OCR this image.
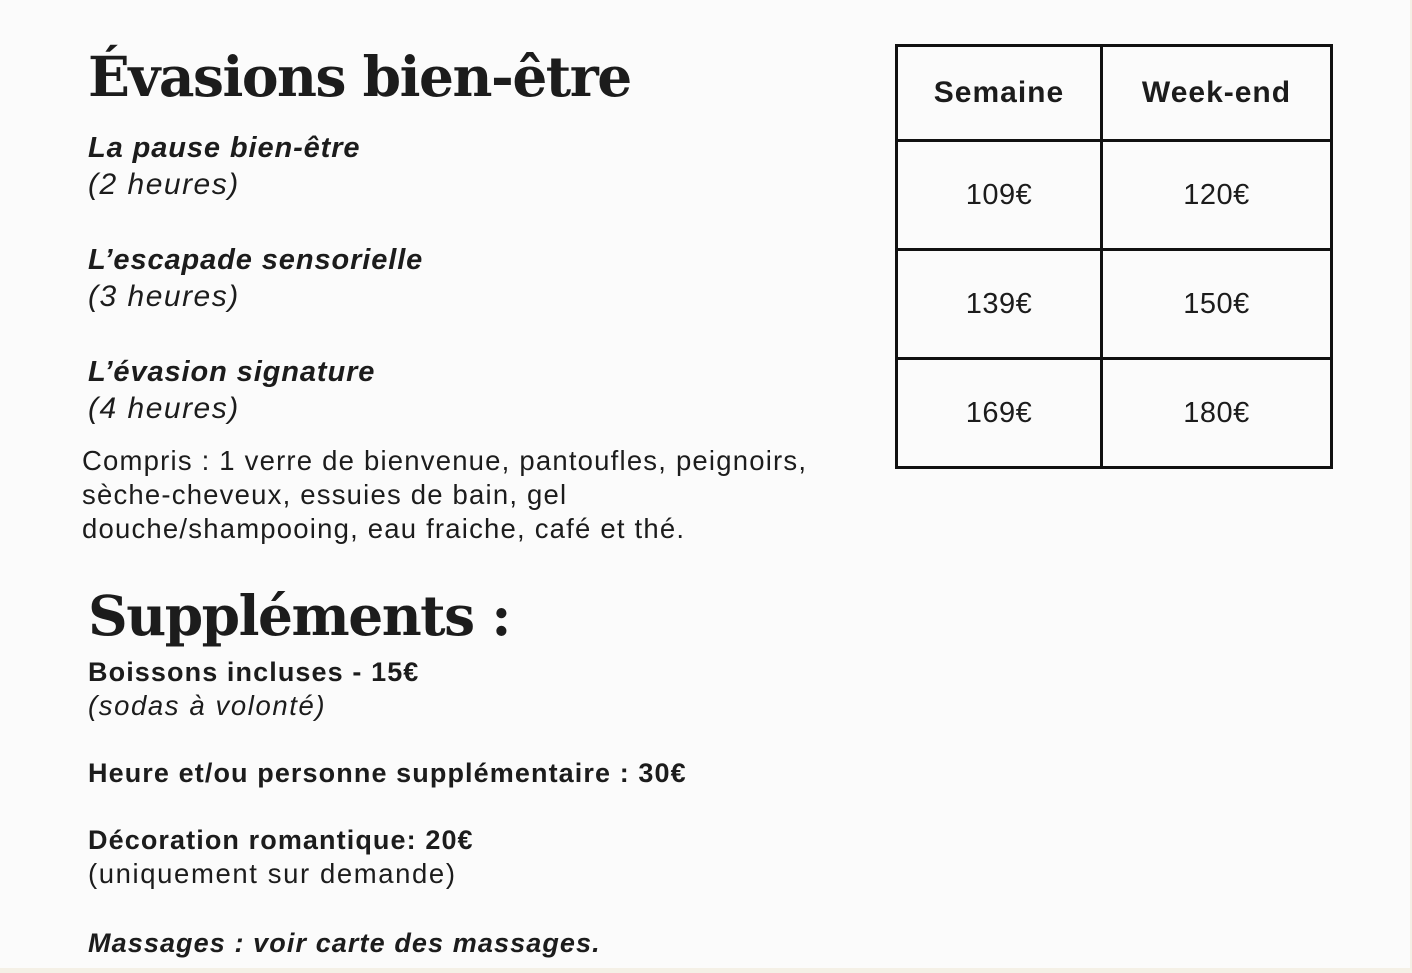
Évasions bien-être
La pause bien-être
(2 heures)
L’escapade sensorielle
(3 heures)
L’évasion signature
(4 heures)

Compris : 1 verre de bienvenue, pantoufles, peignoirs, sèche-cheveux, essuies de bain, gel douche/shampooing, eau fraiche, café et thé.

Semaine	Week-end
109€	120€
139€	150€
169€	180€
Suppléments :
Boissons incluses - 15€
(sodas à volonté)
Heure et/ou personne supplémentaire : 30€
Décoration romantique: 20€
(uniquement sur demande)

Massages : voir carte des massages.
